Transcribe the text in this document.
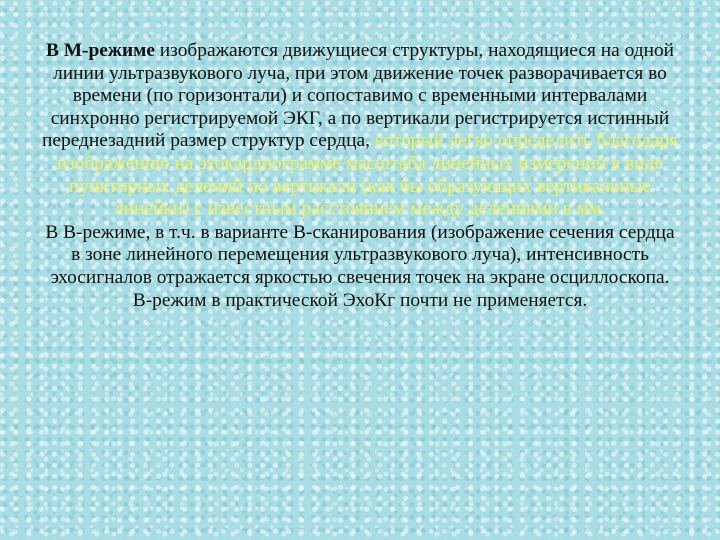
В М-режиме изображаются движущиеся структуры, находящиеся на одной линии ультразвукового луча, при этом движение точек разворачивается во времени (по горизонтали) и сопоставимо с временными интервалами синхронно регистрируемой ЭКГ, а по вертикали регистрируется истинный переднезадний размер структур сердца, который легко определить благодаря изображению на эхокардиограмме масштаба линейных измерений в виде пунктирных делений по вертикали (как бы образующих вертикальные линейки) с известным расстоянием между делениями в мм.

В В-режиме, в т.ч. в варианте В-сканирования (изображение сечения сердца в зоне линейного перемещения ультразвукового луча), интенсивность эхосигналов отражается яркостью свечения точек на экране осциллоскопа. В-режим в практической ЭхоКг почти не применяется.
